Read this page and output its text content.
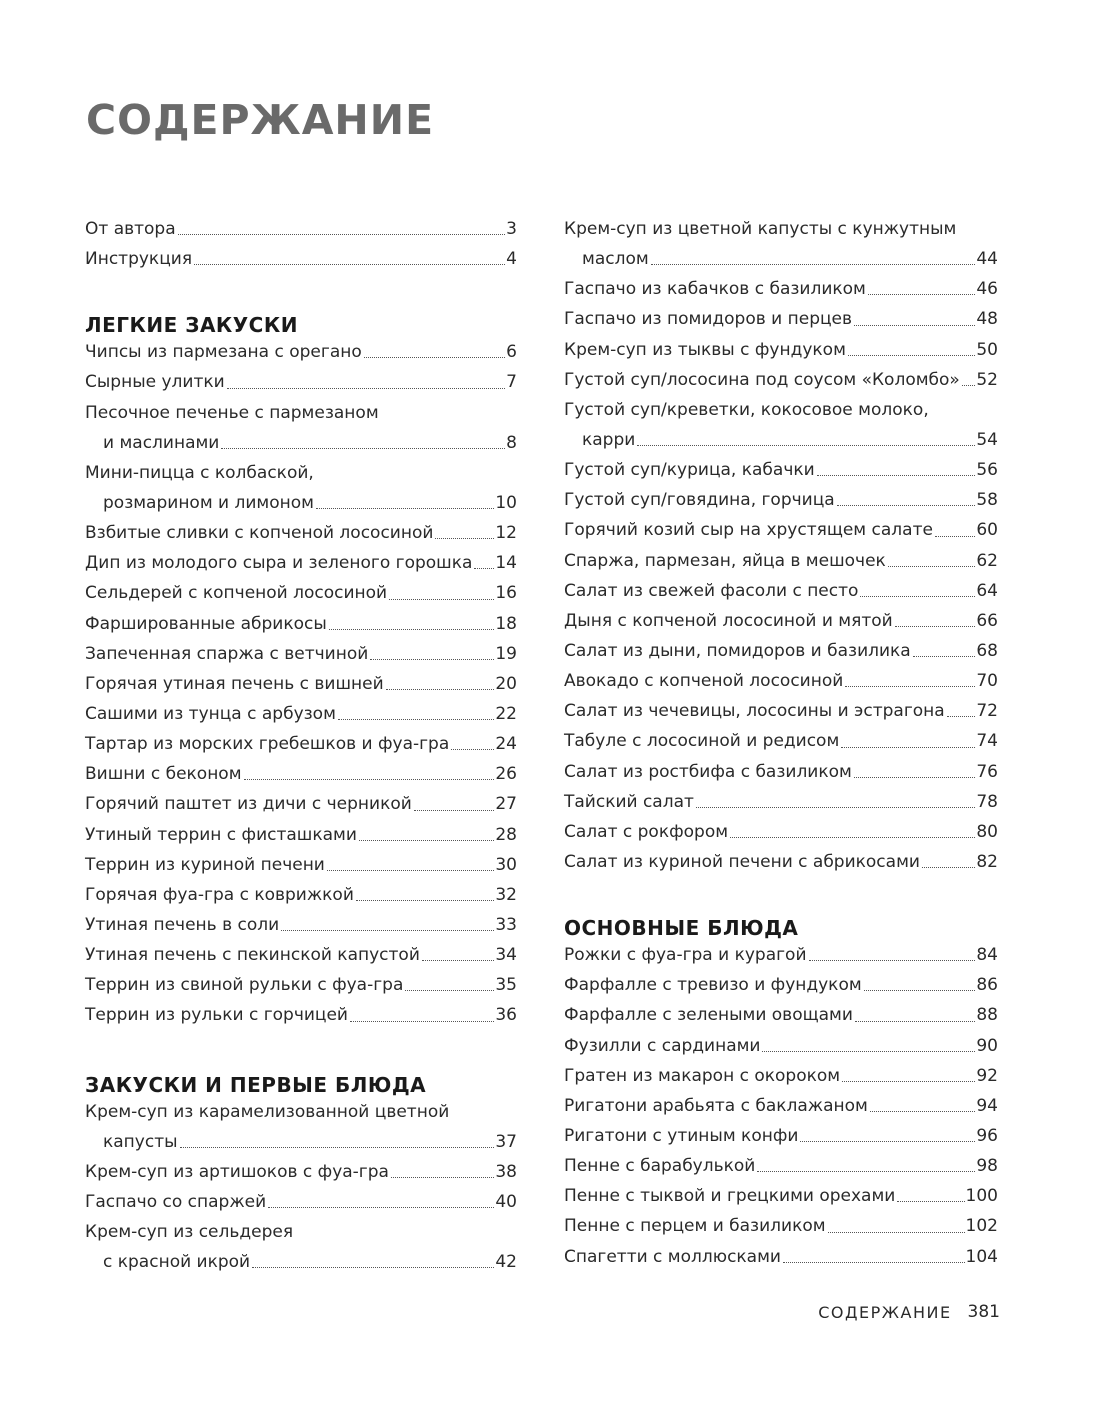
СОДЕРЖАНИЕ
От автора	3
Инструкция	4
ЛЕГКИЕ ЗАКУСКИ
Чипсы из пармезана с орегано	6
Сырные улитки	7
Песочное печенье с пармезаном
и маслинами	8
Мини-пицца с колбаской,
розмарином и лимоном	10
Взбитые сливки с копченой лососиной	12
Дип из молодого сыра и зеленого горошка 14
Сельдерей с копченой лососиной	16
Фаршированные абрикосы	18
Запеченная спаржа с ветчиной	19
Горячая утиная печень с вишней	20
Сашими из тунца с арбузом	22
Тартар из морских гребешков и фуа-гра	24
Вишни с беконом	26
Горячий паштет из дичи с черникой	27
Утиный террин с фисташками	28
Террин из куриной печени	30
Горячая фуа-гра с коврижкой	32
Утиная печень в соли	33
Утиная печень с пекинской капустой	34
Террин из свиной рульки с фуа-гра	35
Террин из рульки с горчицей	36
ЗАКУСКИ И ПЕРВЫЕ БЛЮДА
Крем-суп из карамелизованной цветной
капусты	37
Крем-суп из артишоков с фуа-гра	38
Гаспачо со спаржей	40
Крем-суп из сельдерея
с красной икрой	42
Крем-суп из цветной капусты с кунжутным
маслом	44
Гаспачо из кабачков с базиликом	46
Гаспачо из помидоров и перцев	48
Крем-суп из тыквы с фундуком	50
Густой суп/лососина под соусом «Коломбо» 52
Густой суп/креветки, кокосовое молоко,
карри	54
Густой суп/курица, кабачки	56
Густой суп/говядина, горчица	58
Горячий козий сыр на хрустящем салате	60
Спаржа, пармезан, яйца в мешочек	62
Салат из свежей фасоли с песто	64
Дыня с копченой лососиной и мятой	66
Салат из дыни, помидоров и базилика	68
Авокадо с копченой лососиной	70
Салат из чечевицы, лососины и эстрагона 72
Табуле с лососиной и редисом	74
Салат из ростбифа с базиликом	76
Тайский салат	78
Салат с рокфором	80
Салат из куриной печени с абрикосами	82
ОСНОВНЫЕ БЛЮДА
Рожки с фуа-гра и курагой	84
Фарфалле с тревизо и фундуком	86
Фарфалле с зелеными овощами	88
Фузилли с сардинами	90
Гратен из макарон с окороком	92
Ригатони арабьята с баклажаном	94
Ригатони с утиным конфи	96
Пенне с барабулькой	98
Пенне с тыквой и грецкими орехами	100
Пенне с перцем и базиликом	102
Спагетти с моллюсками	104
СОДЕРЖАНИЕ 381
